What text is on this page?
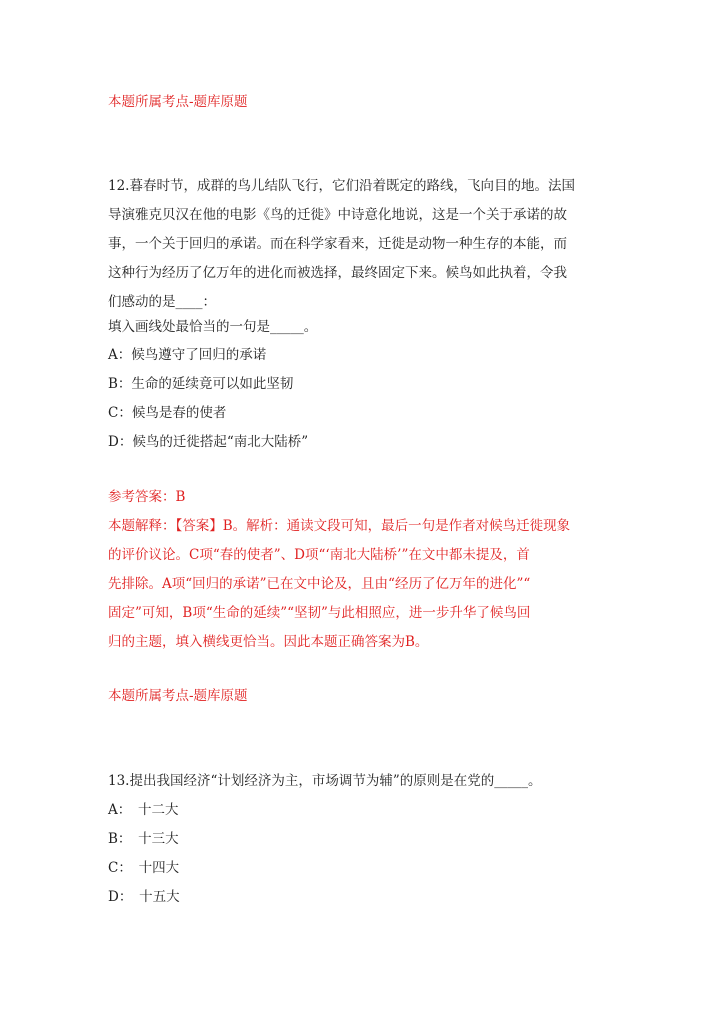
本题所属考点-题库原题
12.暮春时节，成群的鸟儿结队飞行，它们沿着既定的路线，飞向目的地。法国
导演雅克贝汉在他的电影《鸟的迁徙》中诗意化地说，这是一个关于承诺的故
事，一个关于回归的承诺。而在科学家看来，迁徙是动物一种生存的本能，而
这种行为经历了亿万年的进化而被选择，最终固定下来。候鸟如此执着，令我
们感动的是____：
填入画线处最恰当的一句是_____。
A：候鸟遵守了回归的承诺
B：生命的延续竟可以如此坚韧
C：候鸟是春的使者
D：候鸟的迁徙搭起“南北大陆桥”
参考答案：B
本题解释：【答案】B。解析：通读文段可知，最后一句是作者对候鸟迁徙现象
的评价议论。C项“春的使者”、D项“‘南北大陆桥’”在文中都未提及，首
先排除。A项“回归的承诺”已在文中论及，且由“经历了亿万年的进化”“
固定”可知，B项“生命的延续”“坚韧”与此相照应，进一步升华了候鸟回
归的主题，填入横线更恰当。因此本题正确答案为B。
本题所属考点-题库原题
13.提出我国经济“计划经济为主，市场调节为辅”的原则是在党的_____。
A：　十二大
B：　十三大
C：　十四大
D：　十五大
